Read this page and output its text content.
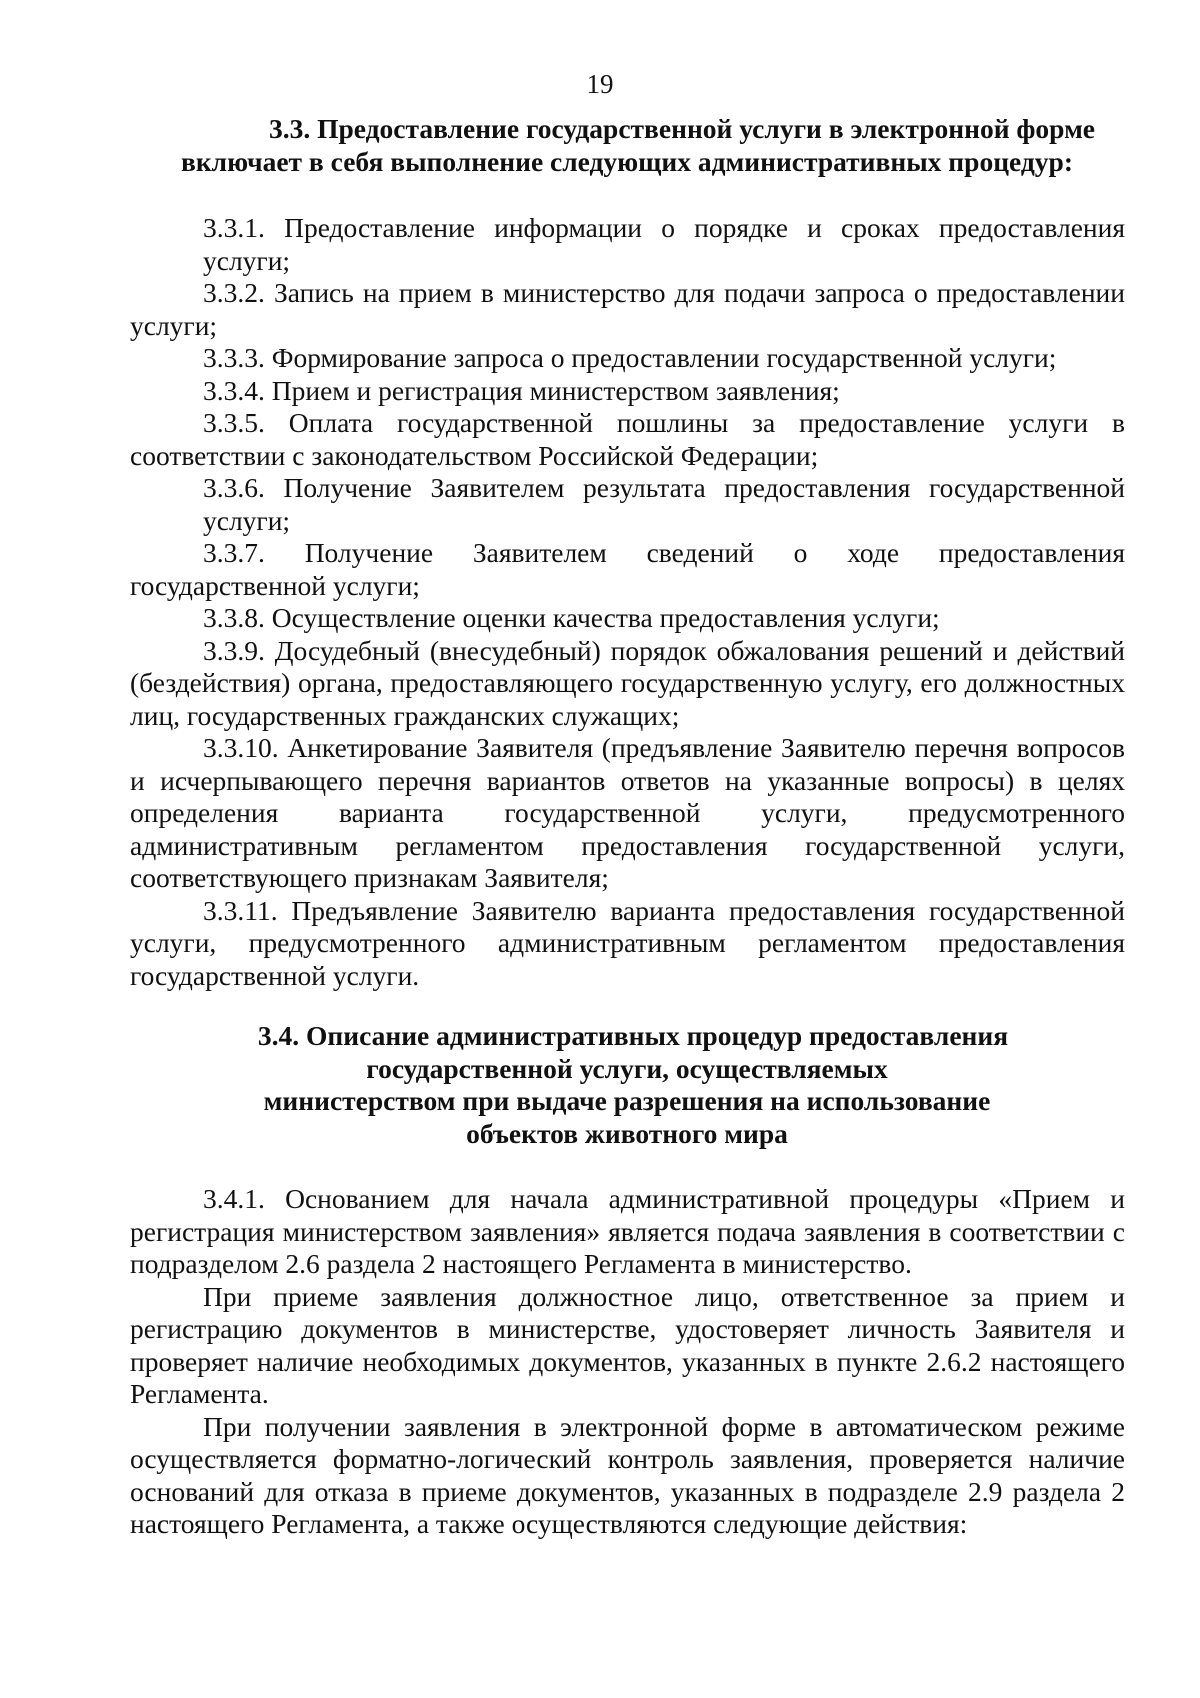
19
3.3. Предоставление государственной услуги в электронной форме
включает в себя выполнение следующих административных процедур:

3.3.1. Предоставление информации о порядке и сроках предоставления услуги;

3.3.2. Запись на прием в министерство для подачи запроса о предоставлении услуги;

3.3.3. Формирование запроса о предоставлении государственной услуги;

3.3.4. Прием и регистрация министерством заявления;

3.3.5. Оплата государственной пошлины за предоставление услуги в соответствии с законодательством Российской Федерации;

3.3.6. Получение Заявителем результата предоставления государственной услуги;

3.3.7. Получение Заявителем сведений о ходе предоставления государственной услуги;

3.3.8. Осуществление оценки качества предоставления услуги;

3.3.9. Досудебный (внесудебный) порядок обжалования решений и действий (бездействия) органа, предоставляющего государственную услугу, его должностных лиц, государственных гражданских служащих;

3.3.10. Анкетирование Заявителя (предъявление Заявителю перечня вопросов и исчерпывающего перечня вариантов ответов на указанные вопросы) в целях определения варианта государственной услуги, предусмотренного административным регламентом предоставления государственной услуги, соответствующего признакам Заявителя;

3.3.11. Предъявление Заявителю варианта предоставления государственной услуги, предусмотренного административным регламентом предоставления государственной услуги.

3.4. Описание административных процедур предоставления
государственной услуги, осуществляемых
министерством при выдаче разрешения на использование
объектов животного мира

3.4.1. Основанием для начала административной процедуры «Прием и регистрация министерством заявления» является подача заявления в соответствии с подразделом 2.6 раздела 2 настоящего Регламента в министерство.

При приеме заявления должностное лицо, ответственное за прием и регистрацию документов в министерстве, удостоверяет личность Заявителя и проверяет наличие необходимых документов, указанных в пункте 2.6.2 настоящего Регламента.

При получении заявления в электронной форме в автоматическом режиме осуществляется форматно-логический контроль заявления, проверяется наличие оснований для отказа в приеме документов, указанных в подразделе 2.9 раздела 2 настоящего Регламента, а также осуществляются следующие действия:
